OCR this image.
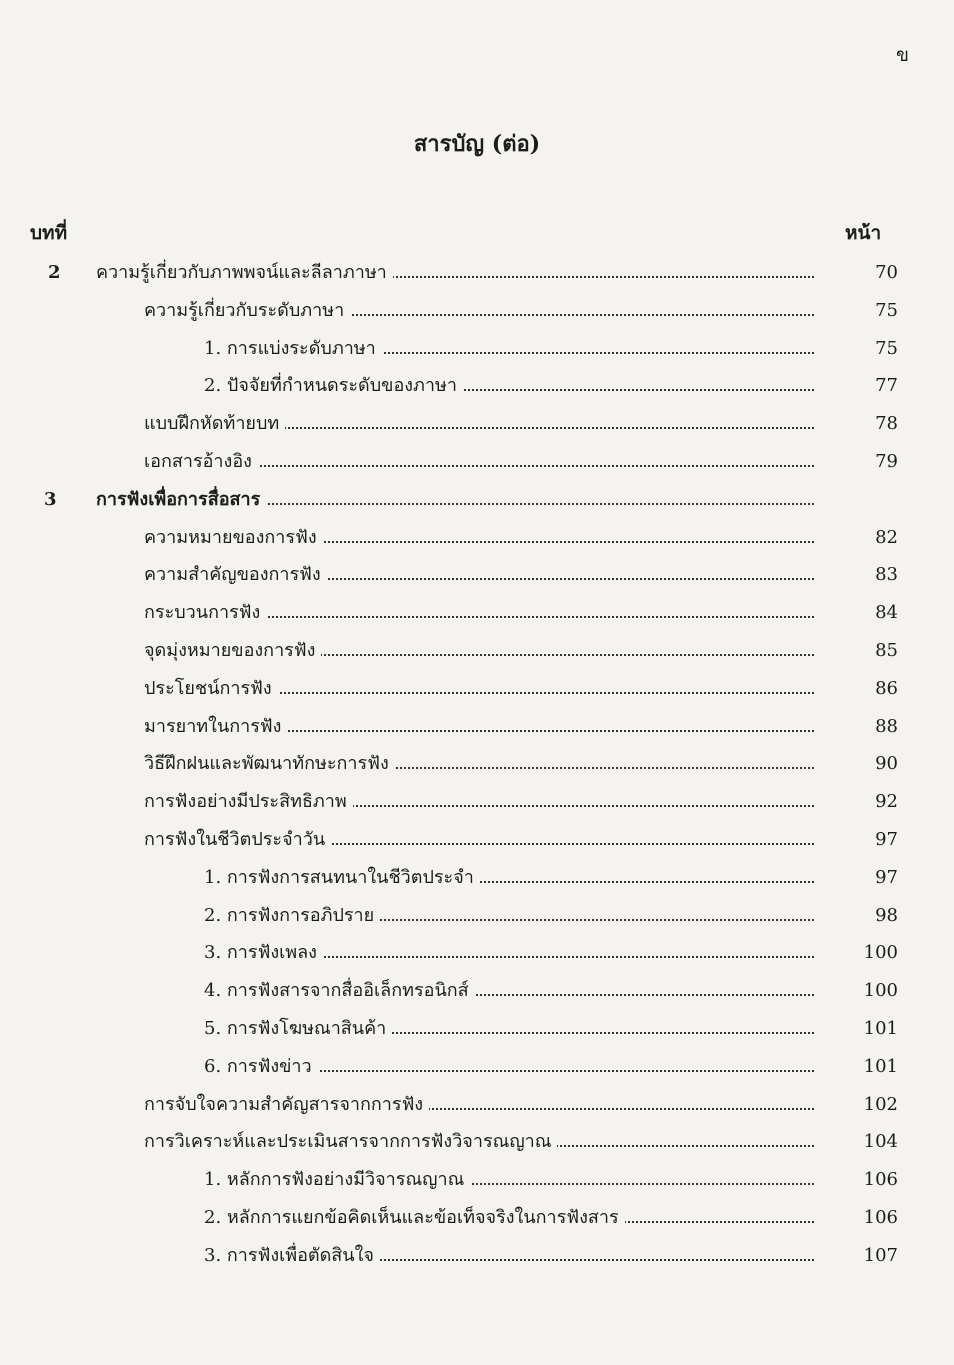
ข
สารบัญ (ต่อ)
บทที่	หน้า
2	ความรู้เกี่ยวกับภาพพจน์และลีลาภาษา	70
ความรู้เกี่ยวกับระดับภาษา	75
1. การแบ่งระดับภาษา	75
2. ปัจจัยที่กำหนดระดับของภาษา	77
แบบฝึกหัดท้ายบท	78
เอกสารอ้างอิง	79
3	การฟังเพื่อการสื่อสาร
ความหมายของการฟัง	82
ความสำคัญของการฟัง	83
กระบวนการฟัง	84
จุดมุ่งหมายของการฟัง	85
ประโยชน์การฟัง	86
มารยาทในการฟัง	88
วิธีฝึกฝนและพัฒนาทักษะการฟัง	90
การฟังอย่างมีประสิทธิภาพ	92
การฟังในชีวิตประจำวัน	97
1. การฟังการสนทนาในชีวิตประจำ	97
2. การฟังการอภิปราย	98
3. การฟังเพลง	100
4. การฟังสารจากสื่ออิเล็กทรอนิกส์	100
5. การฟังโฆษณาสินค้า	101
6. การฟังข่าว	101
การจับใจความสำคัญสารจากการฟัง	102
การวิเคราะห์และประเมินสารจากการฟังวิจารณญาณ	104
1. หลักการฟังอย่างมีวิจารณญาณ	106
2. หลักการแยกข้อคิดเห็นและข้อเท็จจริงในการฟังสาร	106
3. การฟังเพื่อตัดสินใจ	107
